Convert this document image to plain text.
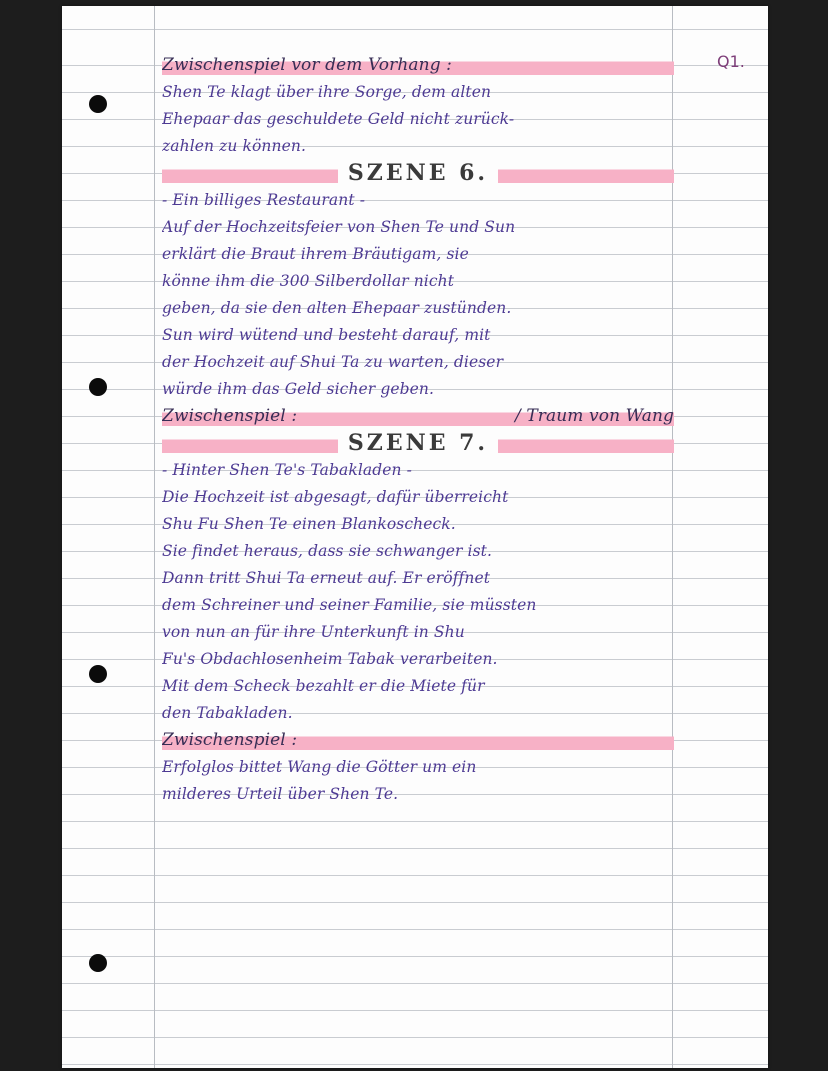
Q1.
Zwischenspiel vor dem Vorhang :
Shen Te klagt über ihre Sorge, dem alten
Ehepaar das geschuldete Geld nicht zurück-
zahlen zu können.
SZENE 6.
- Ein billiges Restaurant -
Auf der Hochzeitsfeier von Shen Te und Sun
erklärt die Braut ihrem Bräutigam, sie
könne ihm die 300 Silberdollar nicht
geben, da sie den alten Ehepaar zustünden.
Sun wird wütend und besteht darauf, mit
der Hochzeit auf Shui Ta zu warten, dieser
würde ihm das Geld sicher geben.
Zwischenspiel :	/ Traum von Wang
SZENE 7.
- Hinter Shen Te's Tabakladen -
Die Hochzeit ist abgesagt, dafür überreicht
Shu Fu Shen Te einen Blankoscheck.
Sie findet heraus, dass sie schwanger ist.
Dann tritt Shui Ta erneut auf. Er eröffnet
dem Schreiner und seiner Familie, sie müssten
von nun an für ihre Unterkunft in Shu
Fu's Obdachlosenheim Tabak verarbeiten.
Mit dem Scheck bezahlt er die Miete für
den Tabakladen.
Zwischenspiel :
Erfolglos bittet Wang die Götter um ein
milderes Urteil über Shen Te.
